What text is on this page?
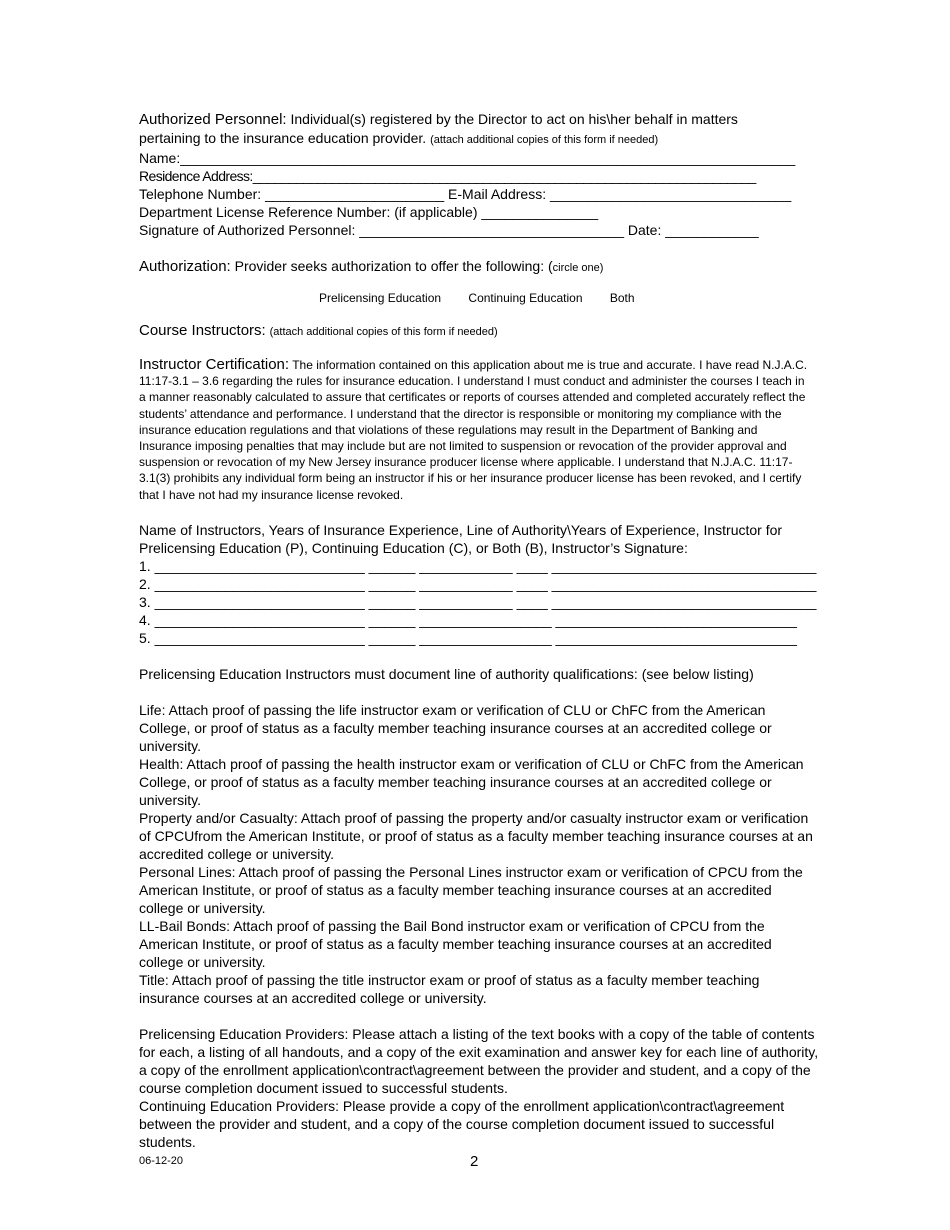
Authorized Personnel: Individual(s) registered by the Director to act on his\her behalf in matters
pertaining to the insurance education provider. (attach additional copies of this form if needed)
Name:_______________________________________________________________________________
Residence Address:______________________________________________________________________
Telephone Number: _______________________ E-Mail Address: _______________________________
Department License Reference Number: (if applicable) _______________
Signature of Authorized Personnel: __________________________________ Date: ____________
Authorization: Provider seeks authorization to offer the following: (circle one)
Prelicensing Education Continuing Education Both
Course Instructors: (attach additional copies of this form if needed)
Instructor Certification: The information contained on this application about me is true and accurate. I have read N.J.A.C. 11:17-3.1 – 3.6 regarding the rules for insurance education. I understand I must conduct and administer the courses I teach in a manner reasonably calculated to assure that certificates or reports of courses attended and completed accurately reflect the students’ attendance and performance. I understand that the director is responsible or monitoring my compliance with the insurance education regulations and that violations of these regulations may result in the Department of Banking and Insurance imposing penalties that may include but are not limited to suspension or revocation of the provider approval and suspension or revocation of my New Jersey insurance producer license where applicable. I understand that N.J.A.C. 11:17-3.1(3) prohibits any individual form being an instructor if his or her insurance producer license has been revoked, and I certify that I have not had my insurance license revoked.
Name of Instructors, Years of Insurance Experience, Line of Authority\Years of Experience, Instructor for
Prelicensing Education (P), Continuing Education (C), or Both (B), Instructor’s Signature:
1. ___________________________ ______ ____________ ____ __________________________________
2. ___________________________ ______ ____________ ____ __________________________________
3. ___________________________ ______ ____________ ____ __________________________________
4. ___________________________ ______ _________________ _______________________________
5. ___________________________ ______ _________________ _______________________________
Prelicensing Education Instructors must document line of authority qualifications: (see below listing)
Life: Attach proof of passing the life instructor exam or verification of CLU or ChFC from the American College, or proof of status as a faculty member teaching insurance courses at an accredited college or university.
Health: Attach proof of passing the health instructor exam or verification of CLU or ChFC from the American College, or proof of status as a faculty member teaching insurance courses at an accredited college or university.
Property and/or Casualty: Attach proof of passing the property and/or casualty instructor exam or verification of CPCUfrom the American Institute, or proof of status as a faculty member teaching insurance courses at an accredited college or university.
Personal Lines: Attach proof of passing the Personal Lines instructor exam or verification of CPCU from the American Institute, or proof of status as a faculty member teaching insurance courses at an accredited college or university.
LL-Bail Bonds: Attach proof of passing the Bail Bond instructor exam or verification of CPCU from the American Institute, or proof of status as a faculty member teaching insurance courses at an accredited college or university.
Title: Attach proof of passing the title instructor exam or proof of status as a faculty member teaching insurance courses at an accredited college or university.
Prelicensing Education Providers: Please attach a listing of the text books with a copy of the table of contents for each, a listing of all handouts, and a copy of the exit examination and answer key for each line of authority, a copy of the enrollment application\contract\agreement between the provider and student, and a copy of the course completion document issued to successful students.
Continuing Education Providers: Please provide a copy of the enrollment application\contract\agreement between the provider and student, and a copy of the course completion document issued to successful students.
06-12-20	2
